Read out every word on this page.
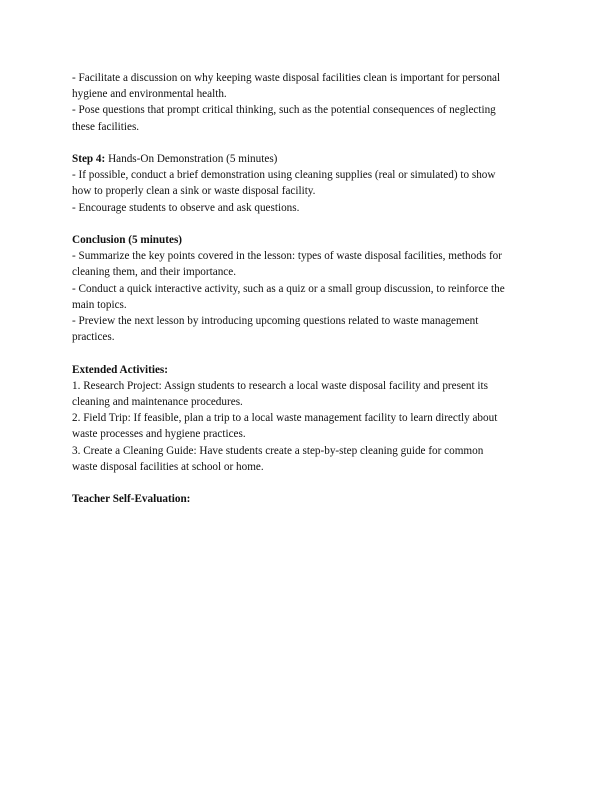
- Facilitate a discussion on why keeping waste disposal facilities clean is important for personal
hygiene and environmental health.
- Pose questions that prompt critical thinking, such as the potential consequences of neglecting
these facilities.
Step 4: Hands-On Demonstration (5 minutes)
- If possible, conduct a brief demonstration using cleaning supplies (real or simulated) to show
how to properly clean a sink or waste disposal facility.
- Encourage students to observe and ask questions.
Conclusion (5 minutes)
- Summarize the key points covered in the lesson: types of waste disposal facilities, methods for
cleaning them, and their importance.
- Conduct a quick interactive activity, such as a quiz or a small group discussion, to reinforce the
main topics.
- Preview the next lesson by introducing upcoming questions related to waste management
practices.
Extended Activities:
1. Research Project: Assign students to research a local waste disposal facility and present its
cleaning and maintenance procedures.
2. Field Trip: If feasible, plan a trip to a local waste management facility to learn directly about
waste processes and hygiene practices.
3. Create a Cleaning Guide: Have students create a step-by-step cleaning guide for common
waste disposal facilities at school or home.
Teacher Self-Evaluation:
